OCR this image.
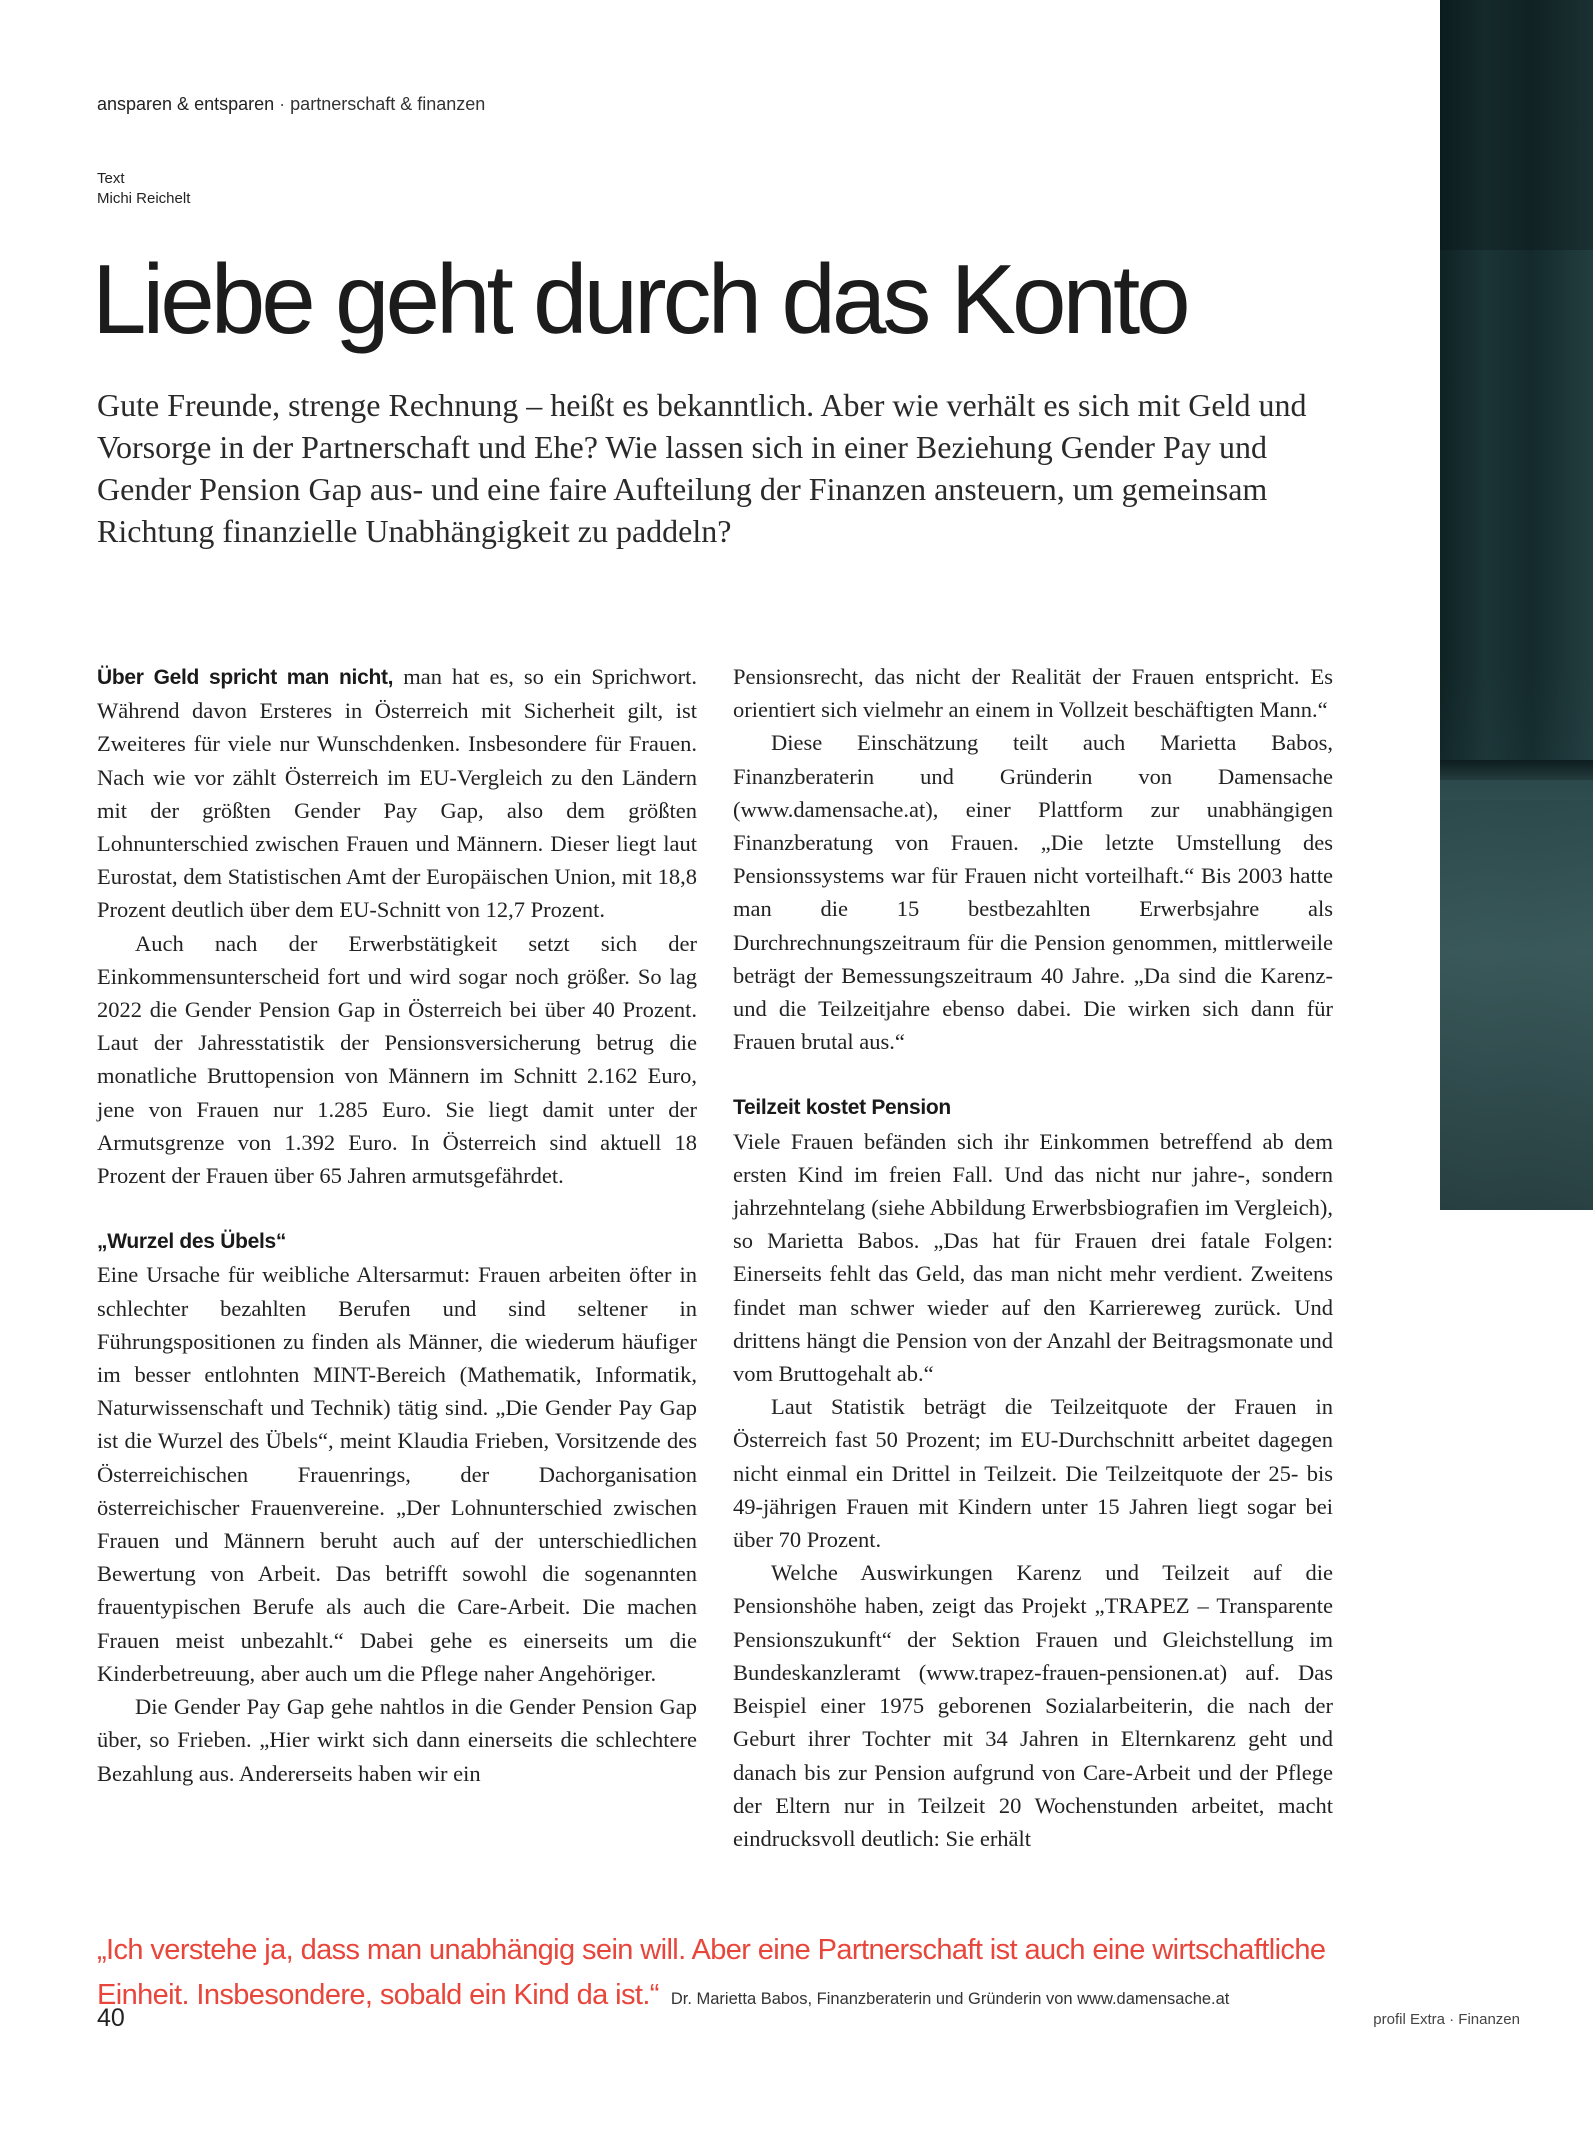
ansparen & entsparen · partnerschaft & finanzen
Text
Michi Reichelt
Liebe geht durch das Konto

Gute Freunde, strenge Rechnung – heißt es bekanntlich. Aber wie verhält es sich mit Geld und Vorsorge in der Partnerschaft und Ehe? Wie lassen sich in einer Beziehung Gender Pay und Gender Pension Gap aus- und eine faire Aufteilung der Finanzen ansteuern, um gemeinsam Richtung finanzielle Unabhängigkeit zu paddeln?

Über Geld spricht man nicht, man hat es, so ein Sprichwort. Während davon Ersteres in Österreich mit Sicherheit gilt, ist Zweiteres für viele nur Wunschdenken. Insbesondere für Frauen. Nach wie vor zählt Österreich im EU-Vergleich zu den Ländern mit der größten Gender Pay Gap, also dem größten Lohnunterschied zwischen Frauen und Männern. Dieser liegt laut Eurostat, dem Statistischen Amt der Europäischen Union, mit 18,8 Prozent deutlich über dem EU-Schnitt von 12,7 Prozent.

Auch nach der Erwerbstätigkeit setzt sich der Einkommensunterscheid fort und wird sogar noch größer. So lag 2022 die Gender Pension Gap in Österreich bei über 40 Prozent. Laut der Jahresstatistik der Pensionsversicherung betrug die monatliche Bruttopension von Männern im Schnitt 2.162 Euro, jene von Frauen nur 1.285 Euro. Sie liegt damit unter der Armutsgrenze von 1.392 Euro. In Österreich sind aktuell 18 Prozent der Frauen über 65 Jahren armutsgefährdet.

„Wurzel des Übels“

Eine Ursache für weibliche Altersarmut: Frauen arbeiten öfter in schlechter bezahlten Berufen und sind seltener in Führungspositionen zu finden als Männer, die wiederum häufiger im besser entlohnten MINT-Bereich (Mathematik, Informatik, Naturwissenschaft und Technik) tätig sind. „Die Gender Pay Gap ist die Wurzel des Übels“, meint Klaudia Frieben, Vorsitzende des Österreichischen Frauenrings, der Dachorganisation österreichischer Frauenvereine. „Der Lohnunterschied zwischen Frauen und Männern beruht auch auf der unterschiedlichen Bewertung von Arbeit. Das betrifft sowohl die sogenannten frauentypischen Berufe als auch die Care-Arbeit. Die machen Frauen meist unbezahlt.“ Dabei gehe es einerseits um die Kinderbetreuung, aber auch um die Pflege naher Angehöriger.

Die Gender Pay Gap gehe nahtlos in die Gender Pension Gap über, so Frieben. „Hier wirkt sich dann einerseits die schlechtere Bezahlung aus. Andererseits haben wir ein

Pensionsrecht, das nicht der Realität der Frauen entspricht. Es orientiert sich vielmehr an einem in Vollzeit beschäftigten Mann.“

Diese Einschätzung teilt auch Marietta Babos, Finanzberaterin und Gründerin von Damensache (www.damensache.at), einer Plattform zur unabhängigen Finanzberatung von Frauen. „Die letzte Umstellung des Pensionssystems war für Frauen nicht vorteilhaft.“ Bis 2003 hatte man die 15 bestbezahlten Erwerbsjahre als Durchrechnungszeitraum für die Pension genommen, mittlerweile beträgt der Bemessungszeitraum 40 Jahre. „Da sind die Karenz- und die Teilzeitjahre ebenso dabei. Die wirken sich dann für Frauen brutal aus.“

Teilzeit kostet Pension

Viele Frauen befänden sich ihr Einkommen betreffend ab dem ersten Kind im freien Fall. Und das nicht nur jahre-, sondern jahrzehntelang (siehe Abbildung Erwerbsbiografien im Vergleich), so Marietta Babos. „Das hat für Frauen drei fatale Folgen: Einerseits fehlt das Geld, das man nicht mehr verdient. Zweitens findet man schwer wieder auf den Karriereweg zurück. Und drittens hängt die Pension von der Anzahl der Beitragsmonate und vom Bruttogehalt ab.“

Laut Statistik beträgt die Teilzeitquote der Frauen in Österreich fast 50 Prozent; im EU-Durchschnitt arbeitet dagegen nicht einmal ein Drittel in Teilzeit. Die Teilzeitquote der 25- bis 49-jährigen Frauen mit Kindern unter 15 Jahren liegt sogar bei über 70 Prozent.

Welche Auswirkungen Karenz und Teilzeit auf die Pensionshöhe haben, zeigt das Projekt „TRAPEZ – Transparente Pensionszukunft“ der Sektion Frauen und Gleichstellung im Bundeskanzleramt (www.trapez-frauen-pensionen.at) auf. Das Beispiel einer 1975 geborenen Sozialarbeiterin, die nach der Geburt ihrer Tochter mit 34 Jahren in Elternkarenz geht und danach bis zur Pension aufgrund von Care-Arbeit und der Pflege der Eltern nur in Teilzeit 20 Wochenstunden arbeitet, macht eindrucksvoll deutlich: Sie erhält

„Ich verstehe ja, dass man unabhängig sein will. Aber eine Partnerschaft ist auch eine wirtschaftliche Einheit. Insbesondere, sobald ein Kind da ist.“ Dr. Marietta Babos, Finanzberaterin und Gründerin von www.damensache.at

40	profil Extra · Finanzen
